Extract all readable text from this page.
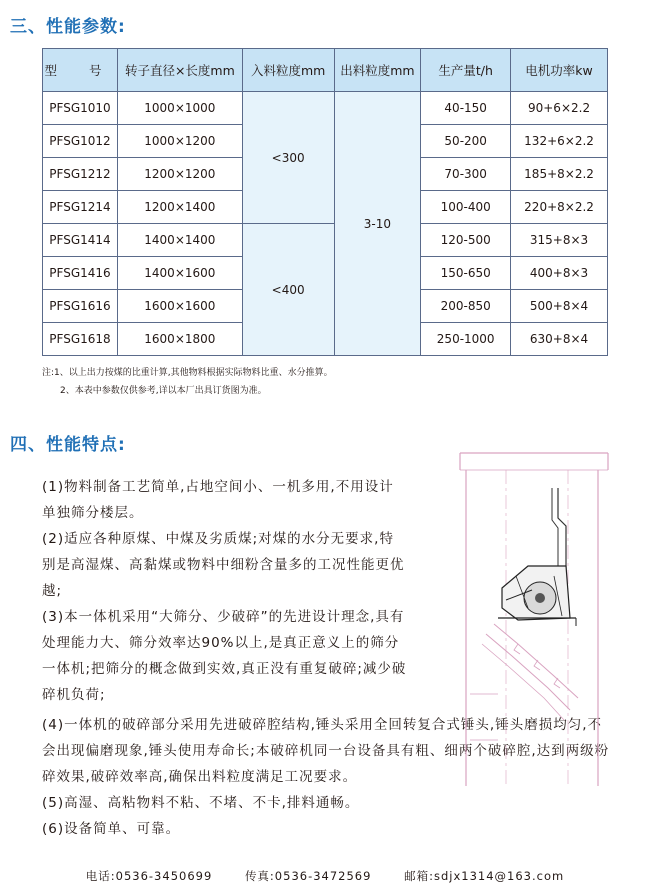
三、性能参数:
型 号	转子直径×长度mm	入料粒度mm	出料粒度mm	生产量t/h	电机功率kw
PFSG1010	1000×1000	<300	3-10	40-150	90+6×2.2
PFSG1012	1000×1200			50-200	132+6×2.2
PFSG1212	1200×1200			70-300	185+8×2.2
PFSG1214	1200×1400			100-400	220+8×2.2
PFSG1414	1400×1400	<400		120-500	315+8×3
PFSG1416	1400×1600			150-650	400+8×3
PFSG1616	1600×1600			200-850	500+8×4
PFSG1618	1600×1800			250-1000	630+8×4
注:1、以上出力按煤的比重计算,其他物料根据实际物料比重、水分推算。
2、本表中参数仅供参考,详以本厂出具订货图为准。
四、性能特点:
(1)物料制备工艺简单,占地空间小、一机多用,不用设计单独筛分楼层。
(2)适应各种原煤、中煤及劣质煤;对煤的水分无要求,特别是高湿煤、高黏煤或物料中细粉含量多的工况性能更优越;
(3)本一体机采用“大筛分、少破碎”的先进设计理念,具有处理能力大、筛分效率达90%以上,是真正意义上的筛分一体机;把筛分的概念做到实效,真正没有重复破碎;减少破碎机负荷;
(4)一体机的破碎部分采用先进破碎腔结构,锤头采用全回转复合式锤头,锤头磨损均匀,不会出现偏磨现象,锤头使用寿命长;本破碎机同一台设备具有粗、细两个破碎腔,达到两级粉碎效果,破碎效率高,确保出料粒度满足工况要求。
(5)高湿、高粘物料不粘、不堵、不卡,排料通畅。
(6)设备简单、可靠。
电话:0536-3450699	传真:0536-3472569	邮箱:sdjx1314@163.com
